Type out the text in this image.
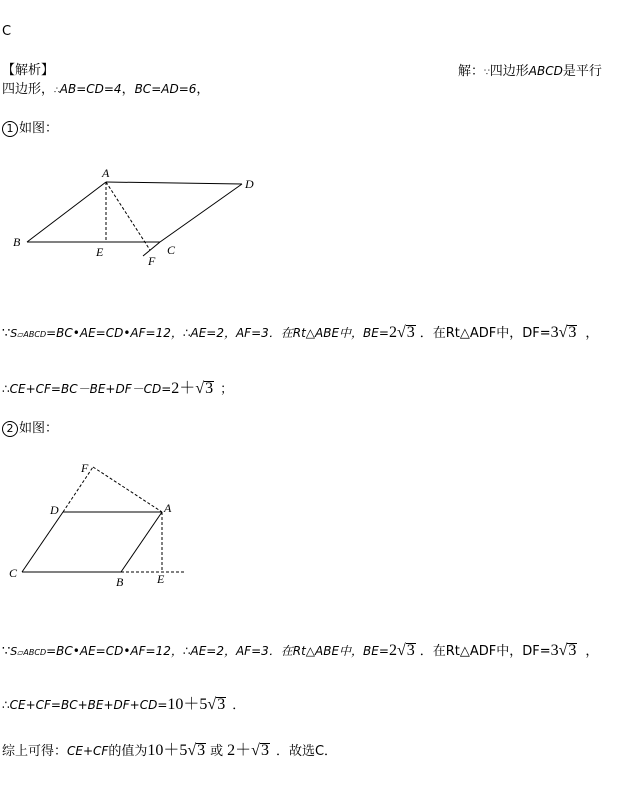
C
【解析】	解：∵四边形ABCD是平行
四边形，∴AB=CD=4，BC=AD=6，
1 如图：
A
B
C
D
E
F
∵S▱ABCD=BC•AE=CD•AF=12，∴AE=2，AF=3．在Rt△ABE中，BE=2√3 ．在Rt△ADF中，DF=3√3 ，
∴CE+CF=BC－BE+DF－CD=2＋√3 ；
2 如图：
A
B
C
D
E
F
∵S▱ABCD=BC•AE=CD•AF=12，∴AE=2，AF=3．在Rt△ABE中，BE=2√3 ．在Rt△ADF中，DF=3√3 ，
∴CE+CF=BC+BE+DF+CD=10＋5√3 ．
综上可得：CE+CF的值为10＋5√3 或 2＋√3 ．故选C．
